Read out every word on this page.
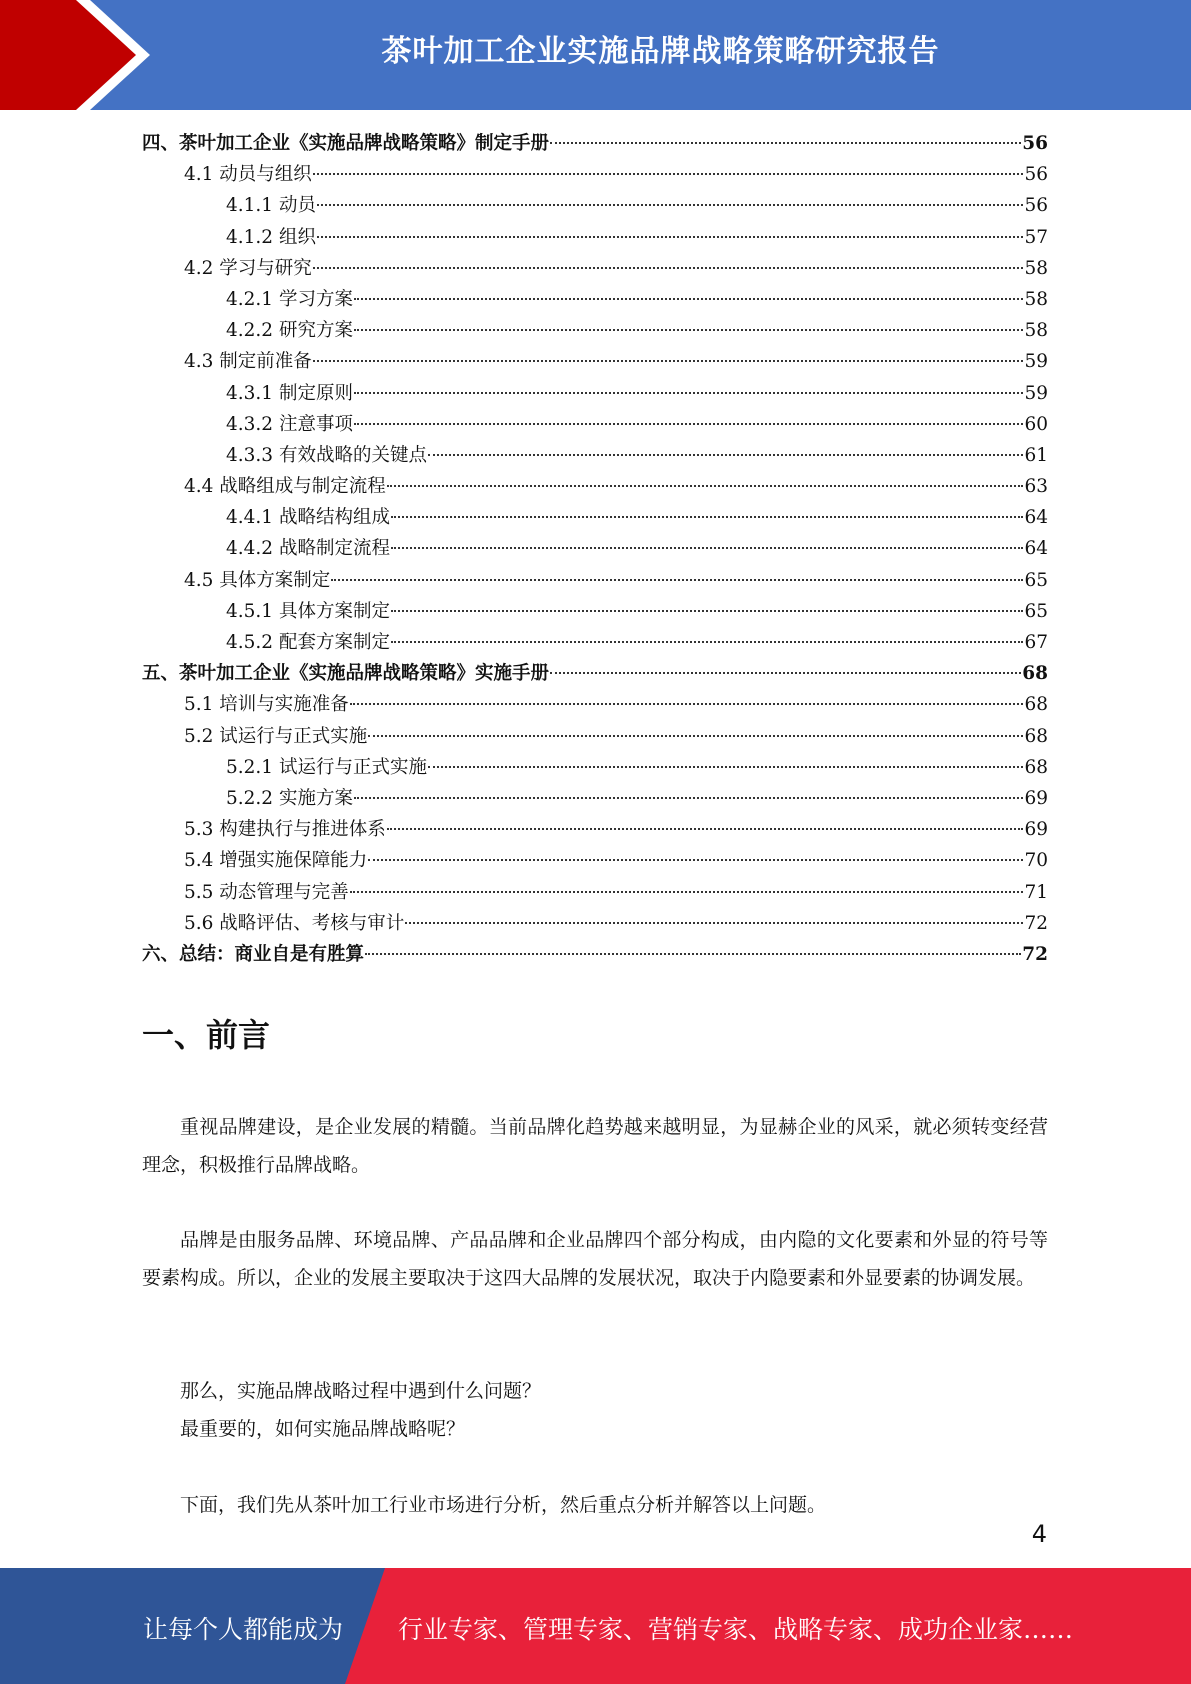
茶叶加工企业实施品牌战略策略研究报告
四、茶叶加工企业《实施品牌战略策略》制定手册	56
4.1 动员与组织	56
4.1.1 动员	56
4.1.2 组织	57
4.2 学习与研究	58
4.2.1 学习方案	58
4.2.2 研究方案	58
4.3 制定前准备	59
4.3.1 制定原则	59
4.3.2 注意事项	60
4.3.3 有效战略的关键点	61
4.4 战略组成与制定流程	63
4.4.1 战略结构组成	64
4.4.2 战略制定流程	64
4.5 具体方案制定	65
4.5.1 具体方案制定	65
4.5.2 配套方案制定	67
五、茶叶加工企业《实施品牌战略策略》实施手册	68
5.1 培训与实施准备	68
5.2 试运行与正式实施	68
5.2.1 试运行与正式实施	68
5.2.2 实施方案	69
5.3 构建执行与推进体系	69
5.4 增强实施保障能力	70
5.5 动态管理与完善	71
5.6 战略评估、考核与审计	72
六、总结：商业自是有胜算	72
一、前言

重视品牌建设，是企业发展的精髓。当前品牌化趋势越来越明显，为显赫企业的风采，就必须转变经营理念，积极推行品牌战略。

品牌是由服务品牌、环境品牌、产品品牌和企业品牌四个部分构成，由内隐的文化要素和外显的符号等要素构成。所以，企业的发展主要取决于这四大品牌的发展状况，取决于内隐要素和外显要素的协调发展。

那么，实施品牌战略过程中遇到什么问题？

最重要的，如何实施品牌战略呢？

下面，我们先从茶叶加工行业市场进行分析，然后重点分析并解答以上问题。

4
让每个人都能成为 行业专家、管理专家、营销专家、战略专家、成功企业家……
